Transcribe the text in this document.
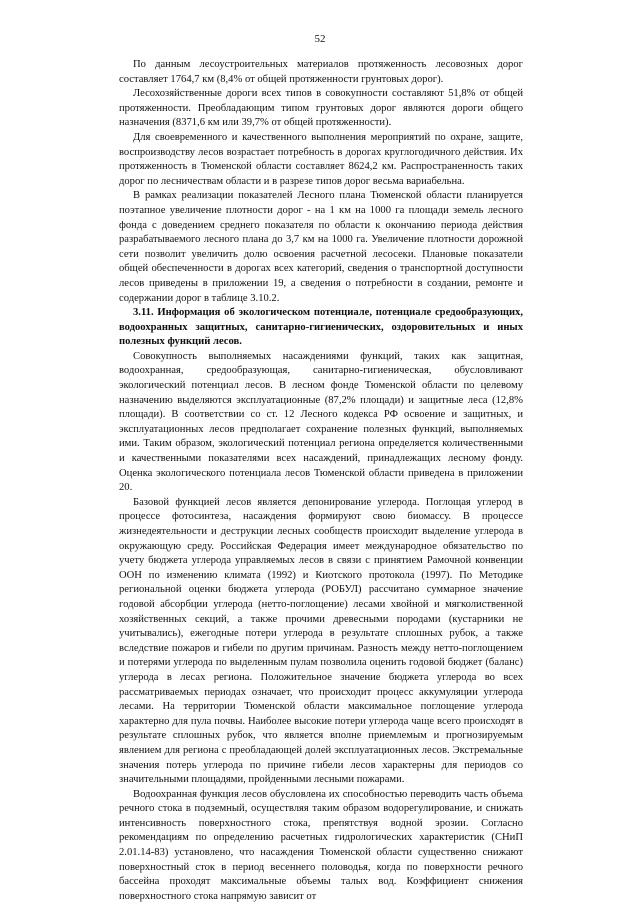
52

По данным лесоустроительных материалов протяженность лесовозных дорог составляет 1764,7 км (8,4% от общей протяженности грунтовых дорог).

Лесохозяйственные дороги всех типов в совокупности составляют 51,8% от общей протяженности. Преобладающим типом грунтовых дорог являются дороги общего назначения (8371,6 км или 39,7% от общей протяженности).

Для своевременного и качественного выполнения мероприятий по охране, защите, воспроизводству лесов возрастает потребность в дорогах круглогодичного действия. Их протяженность в Тюменской области составляет 8624,2 км. Распространенность таких дорог по лесничествам области и в разрезе типов дорог весьма вариабельна.

В рамках реализации показателей Лесного плана Тюменской области планируется поэтапное увеличение плотности дорог - на 1 км на 1000 га площади земель лесного фонда с доведением среднего показателя по области к окончанию периода действия разрабатываемого лесного плана до 3,7 км на 1000 га. Увеличение плотности дорожной сети позволит увеличить долю освоения расчетной лесосеки. Плановые показатели общей обеспеченности в дорогах всех категорий, сведения о транспортной доступности лесов приведены в приложении 19, а сведения о потребности в создании, ремонте и содержании дорог в таблице 3.10.2.

3.11. Информация об экологическом потенциале, потенциале средообразующих, водоохранных защитных, санитарно-гигиенических, оздоровительных и иных полезных функций лесов.

Совокупность выполняемых насаждениями функций, таких как защитная, водоохранная, средообразующая, санитарно-гигиеническая, обусловливают экологический потенциал лесов. В лесном фонде Тюменской области по целевому назначению выделяются эксплуатационные (87,2% площади) и защитные леса (12,8% площади). В соответствии со ст. 12 Лесного кодекса РФ освоение и защитных, и эксплуатационных лесов предполагает сохранение полезных функций, выполняемых ими. Таким образом, экологический потенциал региона определяется количественными и качественными показателями всех насаждений, принадлежащих лесному фонду. Оценка экологического потенциала лесов Тюменской области приведена в приложении 20.

Базовой функцией лесов является депонирование углерода. Поглощая углерод в процессе фотосинтеза, насаждения формируют свою биомассу. В процессе жизнедеятельности и деструкции лесных сообществ происходит выделение углерода в окружающую среду. Российская Федерация имеет международное обязательство по учету бюджета углерода управляемых лесов в связи с принятием Рамочной конвенции ООН по изменению климата (1992) и Киотского протокола (1997). По Методике региональной оценки бюджета углерода (РОБУЛ) рассчитано суммарное значение годовой абсорбции углерода (нетто-поглощение) лесами хвойной и мягколиственной хозяйственных секций, а также прочими древесными породами (кустарники не учитывались), ежегодные потери углерода в результате сплошных рубок, а также вследствие пожаров и гибели по другим причинам. Разность между нетто-поглощением и потерями углерода по выделенным пулам позволила оценить годовой бюджет (баланс) углерода в лесах региона. Положительное значение бюджета углерода во всех рассматриваемых периодах означает, что происходит процесс аккумуляции углерода лесами. На территории Тюменской области максимальное поглощение углерода характерно для пула почвы. Наиболее высокие потери углерода чаще всего происходят в результате сплошных рубок, что является вполне приемлемым и прогнозируемым явлением для региона с преобладающей долей эксплуатационных лесов. Экстремальные значения потерь углерода по причине гибели лесов характерны для периодов со значительными площадями, пройденными лесными пожарами.

Водоохранная функция лесов обусловлена их способностью переводить часть объема речного стока в подземный, осуществляя таким образом водорегулирование, и снижать интенсивность поверхностного стока, препятствуя водной эрозии. Согласно рекомендациям по определению расчетных гидрологических характеристик (СНиП 2.01.14-83) установлено, что насаждения Тюменской области существенно снижают поверхностный сток в период весеннего половодья, когда по поверхности речного бассейна проходят максимальные объемы талых вод. Коэффициент снижения поверхностного стока напрямую зависит от
